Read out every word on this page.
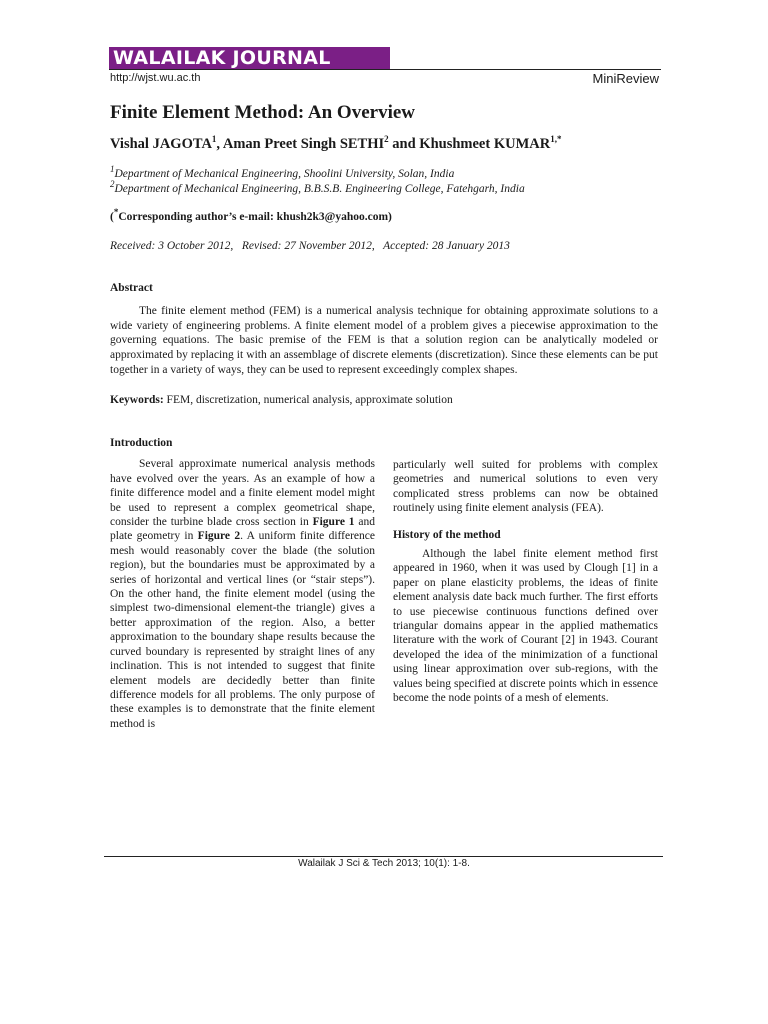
WALAILAK JOURNAL
http://wjst.wu.ac.th	MiniReview
Finite Element Method: An Overview
Vishal JAGOTA$^1$, Aman Preet Singh SETHI$^2$ and Khushmeet $KUMAR^{1,*}$
$^1$Department of Mechanical Engineering, Shoolini University, Solan, India
$^2$Department of Mechanical Engineering, B.B.S.B. Engineering College, Fatehgarh, India
(*Corresponding author’s e-mail: khush2k3@yahoo.com)
Received: 3 October 2012,   Revised: 27 November 2012,   Accepted: 28 January 2013
Abstract

The finite element method (FEM) is a numerical analysis technique for obtaining approximate solutions to a wide variety of engineering problems. A finite element model of a problem gives a piecewise approximation to the governing equations. The basic premise of the FEM is that a solution region can be analytically modeled or approximated by replacing it with an assemblage of discrete elements (discretization). Since these elements can be put together in a variety of ways, they can be used to represent exceedingly complex shapes.

Keywords: FEM, discretization, numerical analysis, approximate solution
Introduction

Several approximate numerical analysis methods have evolved over the years. As an example of how a finite difference model and a finite element model might be used to represent a complex geometrical shape, consider the turbine blade cross section in Figure 1 and plate geometry in Figure 2. A uniform finite difference mesh would reasonably cover the blade (the solution region), but the boundaries must be approximated by a series of horizontal and vertical lines (or “stair steps”). On the other hand, the finite element model (using the simplest two-dimensional element-the triangle) gives a better approximation of the region. Also, a better approximation to the boundary shape results because the curved boundary is represented by straight lines of any inclination. This is not intended to suggest that finite element models are decidedly better than finite difference models for all problems. The only purpose of these examples is to demonstrate that the finite element method is

particularly well suited for problems with complex geometries and numerical solutions to even very complicated stress problems can now be obtained routinely using finite element analysis (FEA).
History of the method

Although the label finite element method first appeared in 1960, when it was used by Clough [1] in a paper on plane elasticity problems, the ideas of finite element analysis date back much further. The first efforts to use piecewise continuous functions defined over triangular domains appear in the applied mathematics literature with the work of Courant [2] in 1943. Courant developed the idea of the minimization of a functional using linear approximation over sub-regions, with the values being specified at discrete points which in essence become the node points of a mesh of elements.

Walailak J Sci & Tech 2013; 10(1): 1-8.
